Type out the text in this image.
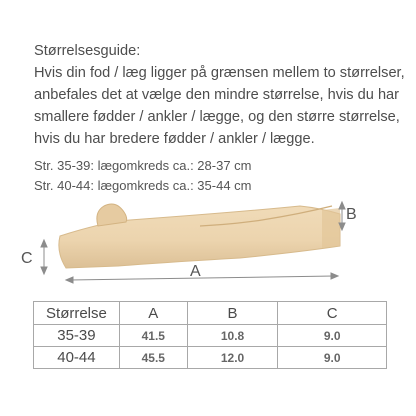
Størrelsesguide:
Hvis din fod / læg ligger på grænsen mellem to størrelser,
anbefales det at vælge den mindre størrelse, hvis du har
smallere fødder / ankler / lægge, og den større størrelse,
hvis du har bredere fødder / ankler / lægge.
Str. 35-39: lægomkreds ca.: 28-37 cm
Str. 40-44: lægomkreds ca.: 35-44 cm
B
C
A
Størrelse	A	B	C
35-39	41.5	10.8	9.0
40-44	45.5	12.0	9.0
